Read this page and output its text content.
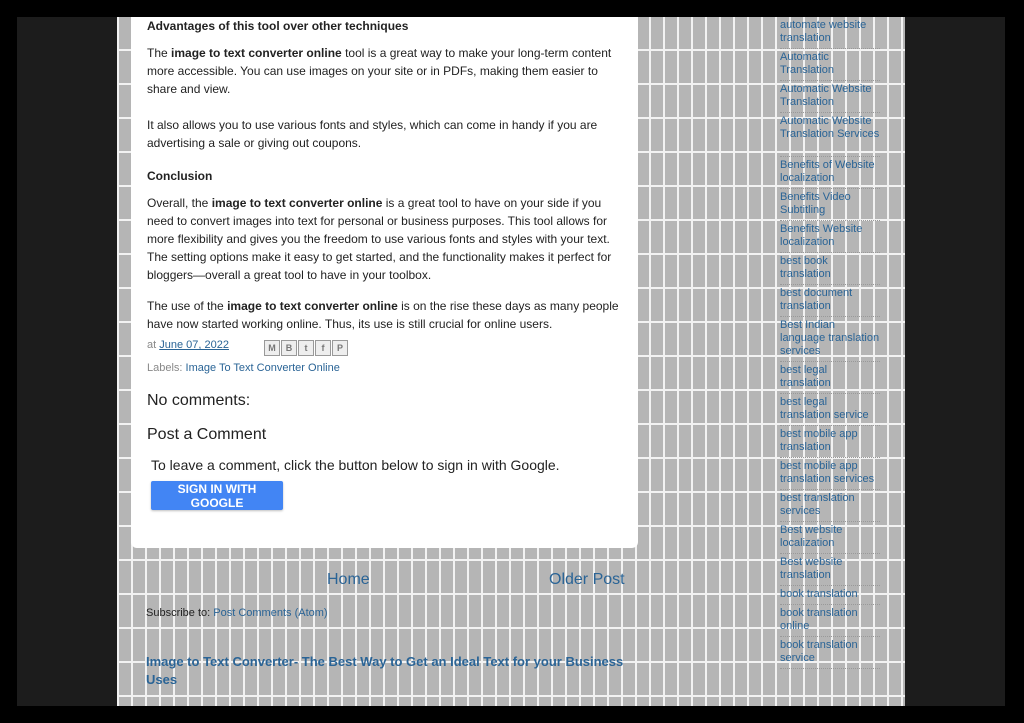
Advantages of this tool over other techniques

The image to text converter online tool is a great way to make your long-term content more accessible. You can use images on your site or in PDFs, making them easier to share and view.

It also allows you to use various fonts and styles, which can come in handy if you are advertising a sale or giving out coupons.

Conclusion

Overall, the image to text converter online is a great tool to have on your side if you need to convert images into text for personal or business purposes. This tool allows for more flexibility and gives you the freedom to use various fonts and styles with your text. The setting options make it easy to get started, and the functionality makes it perfect for bloggers—overall a great tool to have in your toolbox.

The use of the image to text converter online is on the rise these days as many people have now started working online. Thus, its use is still crucial for online users.

at June 07, 2022	M	B	t	f	P
Labels: Image To Text Converter Online
No comments:
Post a Comment
To leave a comment, click the button below to sign in with Google.
SIGN IN WITH GOOGLE
Home	Older Post
Subscribe to: Post Comments (Atom)
Image to Text Converter- The Best Way to Get an Ideal Text for your Business Uses
automate website translation
Automatic Translation
Automatic Website Translation
Automatic Website Translation Services
Benefits of Website localization
Benefits Video Subtitling
Benefits Website localization
best book translation
best document translation
Best Indian language translation services
best legal translation
best legal translation service
best mobile app translation
best mobile app translation services
best translation services
Best website localization
Best website translation
book translation
book translation online
book translation service
